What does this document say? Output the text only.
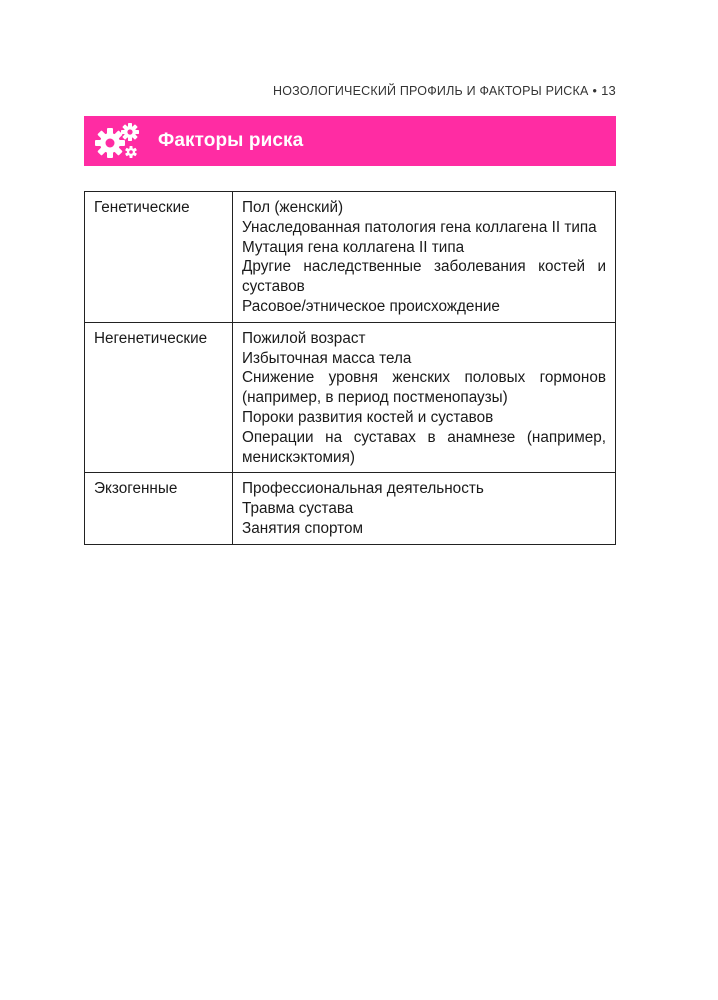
НОЗОЛОГИЧЕСКИЙ ПРОФИЛЬ И ФАКТОРЫ РИСКА • 13
Факторы риска
Генетические	Пол (женский)
Унаследованная патология гена коллагена II типа
Мутация гена коллагена II типа
Другие наследственные заболевания костей и суставов
Расовое/этническое происхождение

Негенетические	Пожилой возраст
Избыточная масса тела
Снижение уровня женских половых гормонов (например, в период постменопаузы)
Пороки развития костей и суставов
Операции на суставах в анамнезе (например, менискэктомия)

Экзогенные	Профессиональная деятельность
Травма сустава
Занятия спортом
